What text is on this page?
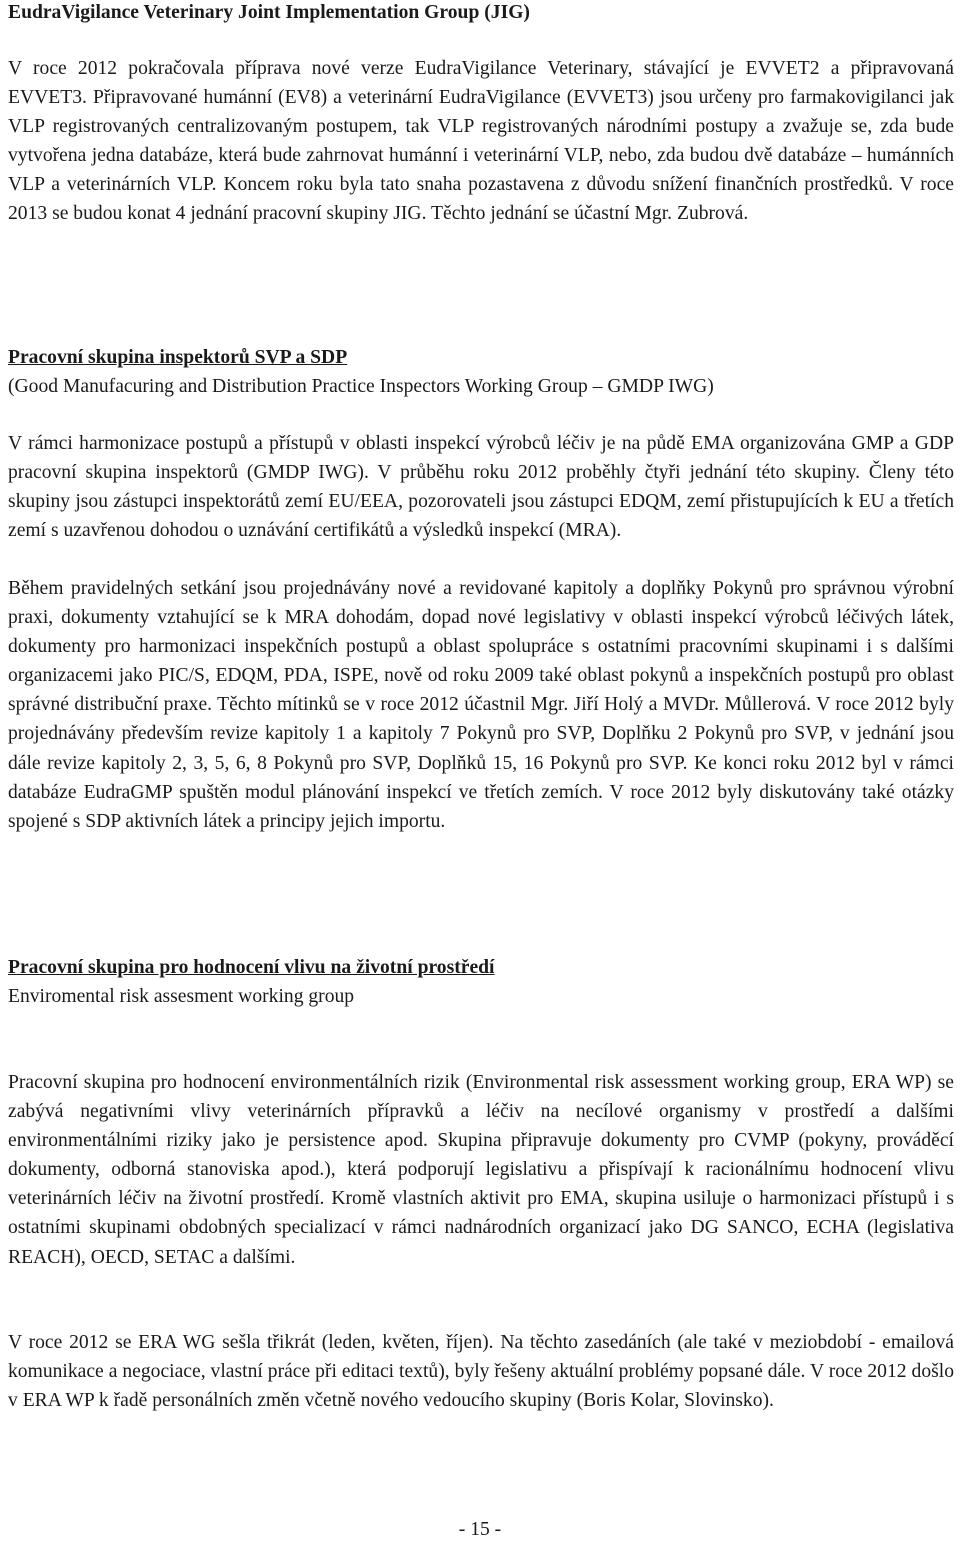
EudraVigilance Veterinary Joint Implementation Group (JIG)

V roce 2012 pokračovala příprava nové verze EudraVigilance Veterinary, stávající je EVVET2 a připravovaná EVVET3. Připravované humánní (EV8) a veterinární EudraVigilance (EVVET3) jsou určeny pro farmakovigilanci jak VLP registrovaných centralizovaným postupem, tak VLP registrovaných národními postupy a zvažuje se, zda bude vytvořena jedna databáze, která bude zahrnovat humánní i veterinární VLP, nebo, zda budou dvě databáze – humánních VLP a veterinárních VLP. Koncem roku byla tato snaha pozastavena z důvodu snížení finančních prostředků. V roce 2013 se budou konat 4 jednání pracovní skupiny JIG. Těchto jednání se účastní Mgr. Zubrová.

Pracovní skupina inspektorů SVP a SDP

(Good Manufacuring and Distribution Practice Inspectors Working Group – GMDP IWG)

V rámci harmonizace postupů a přístupů v oblasti inspekcí výrobců léčiv je na půdě EMA organizována GMP a GDP pracovní skupina inspektorů (GMDP IWG). V průběhu roku 2012 proběhly čtyři jednání této skupiny. Členy této skupiny jsou zástupci inspektorátů zemí EU/EEA, pozorovateli jsou zástupci EDQM, zemí přistupujících k EU a třetích zemí s uzavřenou dohodou o uznávání certifikátů a výsledků inspekcí (MRA).

Během pravidelných setkání jsou projednávány nové a revidované kapitoly a doplňky Pokynů pro správnou výrobní praxi, dokumenty vztahující se k MRA dohodám, dopad nové legislativy v oblasti inspekcí výrobců léčivých látek, dokumenty pro harmonizaci inspekčních postupů a oblast spolupráce s ostatními pracovními skupinami i s dalšími organizacemi jako PIC/S, EDQM, PDA, ISPE, nově od roku 2009 také oblast pokynů a inspekčních postupů pro oblast správné distribuční praxe. Těchto mítinků se v roce 2012 účastnil Mgr. Jiří Holý a MVDr. Můllerová. V roce 2012 byly projednávány především revize kapitoly 1 a kapitoly 7 Pokynů pro SVP, Doplňku 2 Pokynů pro SVP, v jednání jsou dále revize kapitoly 2, 3, 5, 6, 8 Pokynů pro SVP, Doplňků 15, 16 Pokynů pro SVP. Ke konci roku 2012 byl v rámci databáze EudraGMP spuštěn modul plánování inspekcí ve třetích zemích. V roce 2012 byly diskutovány také otázky spojené s SDP aktivních látek a principy jejich importu.

Pracovní skupina pro hodnocení vlivu na životní prostředí

Enviromental risk assesment working group

Pracovní skupina pro hodnocení environmentálních rizik (Environmental risk assessment working group, ERA WP) se zabývá negativními vlivy veterinárních přípravků a léčiv na necílové organismy v prostředí a dalšími environmentálními riziky jako je persistence apod. Skupina připravuje dokumenty pro CVMP (pokyny, prováděcí dokumenty, odborná stanoviska apod.), která podporují legislativu a přispívají k racionálnímu hodnocení vlivu veterinárních léčiv na životní prostředí. Kromě vlastních aktivit pro EMA, skupina usiluje o harmonizaci přístupů i s ostatními skupinami obdobných specializací v rámci nadnárodních organizací jako DG SANCO, ECHA (legislativa REACH), OECD, SETAC a dalšími.

V roce 2012 se ERA WG sešla třikrát (leden, květen, říjen). Na těchto zasedáních (ale také v meziobdobí - emailová komunikace a negociace, vlastní práce při editaci textů), byly řešeny aktuální problémy popsané dále. V roce 2012 došlo v ERA WP k řadě personálních změn včetně nového vedoucího skupiny (Boris Kolar, Slovinsko).

- 15 -
